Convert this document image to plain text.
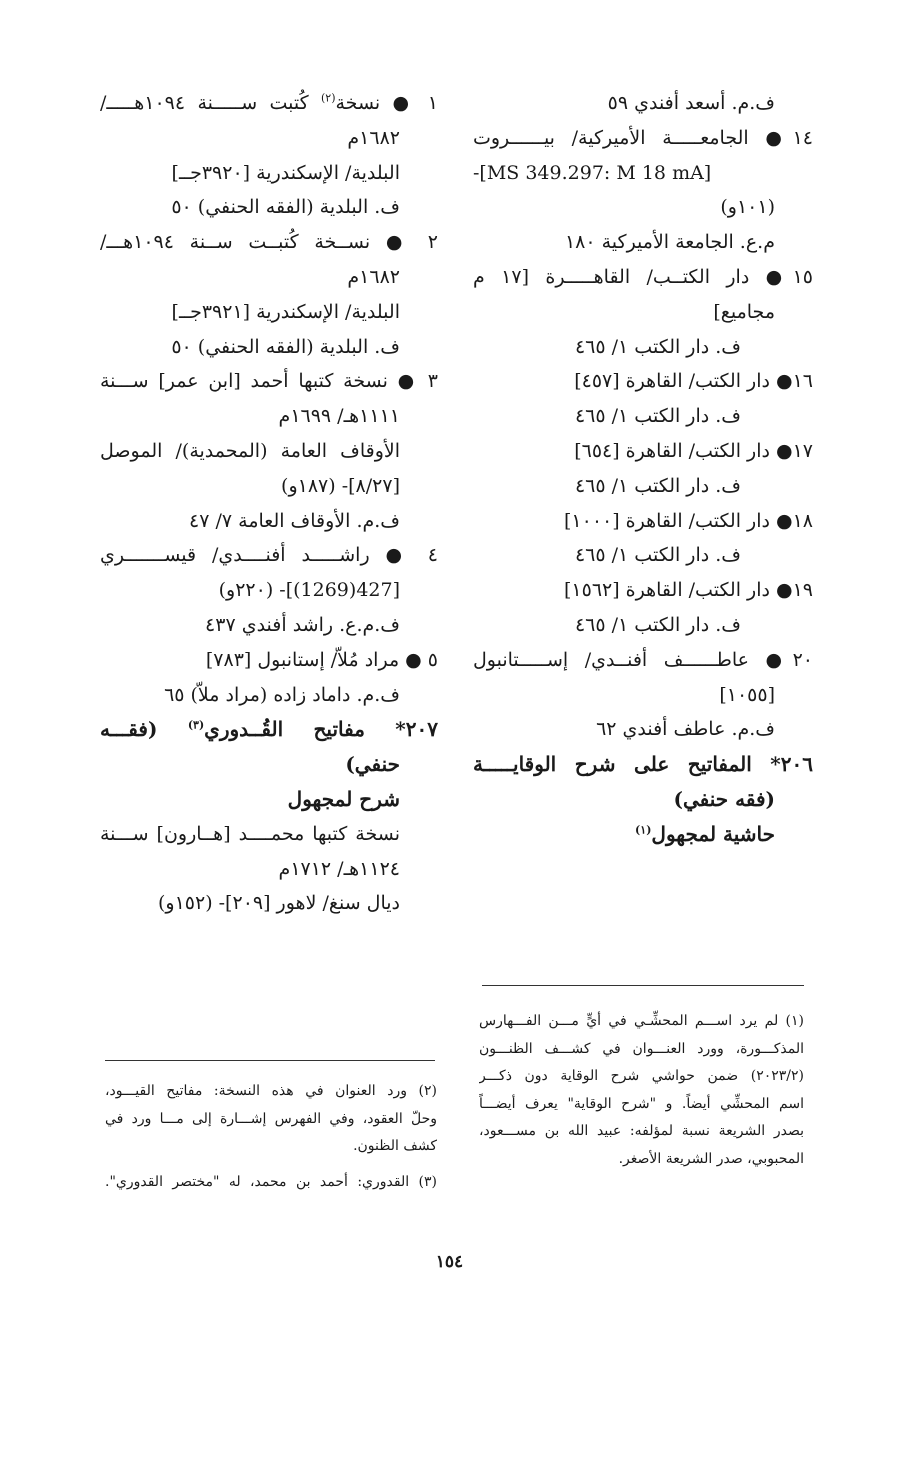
ف.م. أسعد أفندي ٥٩
١٤● الجامعـــــة الأميركية/ بيــــــروت
-[MS 349.297: M 18 mA]
(١٠١و)
م.ع. الجامعة الأميركية ١٨٠
١٥● دار الكتــب/ القاهـــــرة [١٧ م
مجاميع]
ف. دار الكتب ١/ ٤٦٥
١٦● دار الكتب/ القاهرة [٤٥٧]
ف. دار الكتب ١/ ٤٦٥
١٧● دار الكتب/ القاهرة [٦٥٤]
ف. دار الكتب ١/ ٤٦٥
١٨● دار الكتب/ القاهرة [١٠٠٠]
ف. دار الكتب ١/ ٤٦٥
١٩● دار الكتب/ القاهرة [١٥٦٢]
ف. دار الكتب ١/ ٤٦٥
٢٠● عاطــــــف أفنــدي/ إســـــتانبول
[١٠٥٥]
ف.م. عاطف أفندي ٦٢
٢٠٦* المفاتيح على شرح الوقايـــــة
(فقه حنفي)
حاشية لمجهول$^{(١)}$
١ ● نسخة$^{(٢)}$ كُتبت ســـــنة ١٠٩٤هـــــ/
١٦٨٢م
البلدية/ الإسكندرية [٣٩٢٠جــ]
ف. البلدية (الفقه الحنفي) ٥٠
٢ ● نســخة كُتبــت ســنة ١٠٩٤هـــ/
١٦٨٢م
البلدية/ الإسكندرية [٣٩٢١جــ]
ف. البلدية (الفقه الحنفي) ٥٠
٣ ● نسخة كتبها أحمد [ابن عمر] ســـنة
١١١١هـ/ ١٦٩٩م
الأوقاف العامة (المحمدية)/ الموصل
[٨/٢٧]- (١٨٧و)
ف.م. الأوقاف العامة ٧/ ٤٧
٤ ● راشـــــد أفنــــدي/ قيســـــــري
[427(1269)]- (٢٢٠و)
ف.م.ع. راشد أفندي ٤٣٧
٥ ● مراد مُلاّ/ إستانبول [٧٨٣]
ف.م. داماد زاده (مراد ملاّ) ٦٥
٢٠٧* مفاتيح القُــدوري$^{(٣)}$ (فقـــه
حنفي)
شرح لمجهول
نسخة كتبها محمــــد [هــارون] ســـنة
١١٢٤هـ/ ١٧١٢م
ديال سنغ/ لاهور [٢٠٩]- (١٥٢و)
(١) لم يرد اســـم المحشِّـي في أيٍّ مـــن الفـــهارس
المذكـــورة، وورد العنـــوان في كشـــف الظنـــون
(٢٠٢٣/٢) ضمن حواشي شرح الوقاية دون ذكـــر
اسم المحشِّي أيضاً. و "شرح الوقاية" يعرف أيضـــاً
بصدر الشريعة نسبة لمؤلفه: عبيد الله بن مســـعود،
المحبوبي، صدر الشريعة الأصغر.
(٢) ورد العنوان في هذه النسخة: مفاتيح القيـــود،
وحلّ العقود، وفي الفهرس إشـــارة إلى مـــا ورد في
كشف الظنون.
(٣) القدوري: أحمد بن محمد، له "مختصر القدوري".
١٥٤
